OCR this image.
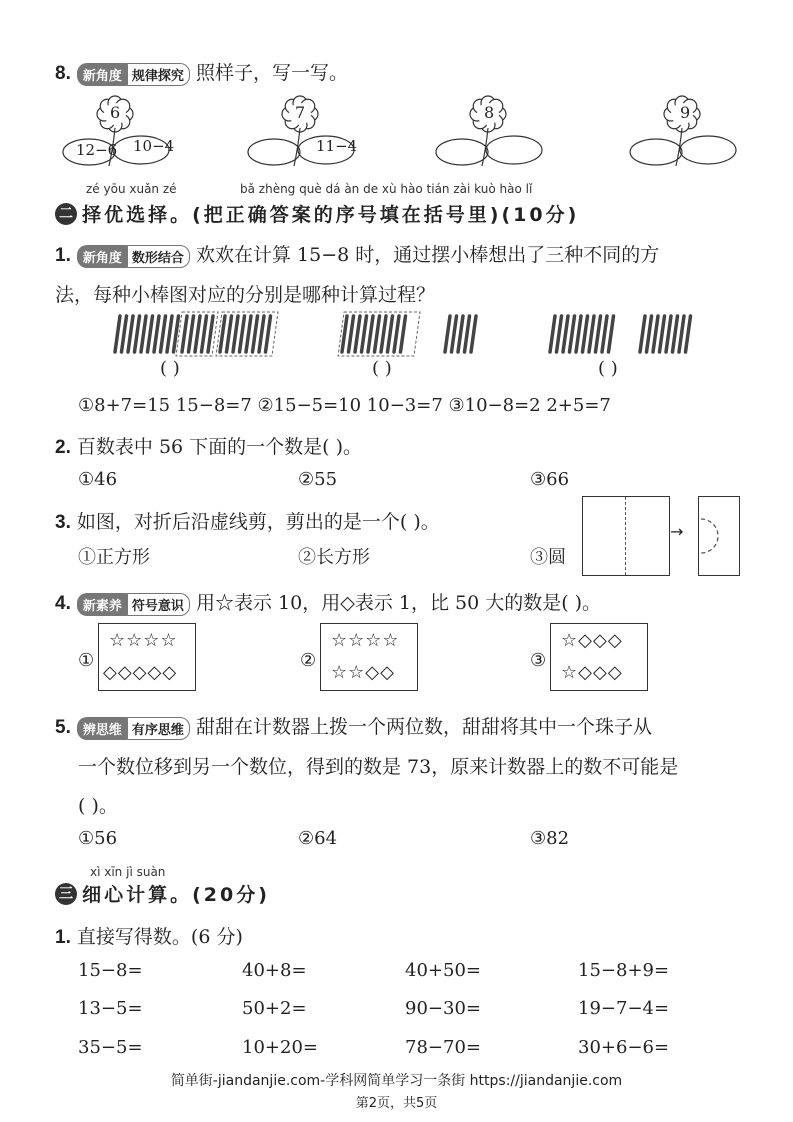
8. 新角度 规律探究 照样子，写一写。
6
12−6 10−4
7
11−4
8	9
zé yōu xuǎn zé	bǎ zhèng què dá àn de xù hào tián zài kuò hào lǐ
二 择优选择。(把正确答案的序号填在括号里)(10分)
1. 新角度 数形结合 欢欢在计算 15−8 时，通过摆小棒想出了三种不同的方
法，每种小棒图对应的分别是哪种计算过程？
( )	( )	( )
①8+7=15 15−8=7 ②15−5=10 10−3=7 ③10−8=2 2+5=7
2. 百数表中 56 下面的一个数是( )。
①46	②55	③66
3. 如图，对折后沿虚线剪，剪出的是一个( )。
①正方形	②长方形	③圆
→
4. 新素养 符号意识 用☆表示 10，用◇表示 1，比 50 大的数是( )。
①
☆☆☆☆
◇◇◇◇◇
②
☆☆☆☆
☆☆◇◇
③
☆◇◇◇
☆◇◇◇
5. 辨思维 有序思维 甜甜在计数器上拨一个两位数，甜甜将其中一个珠子从
一个数位移到另一个数位，得到的数是 73，原来计数器上的数不可能是
( )。
①56	②64	③82
xì xīn jì suàn
三 细心计算。(20分)
1. 直接写得数。(6 分)
15−8=	40+8=	40+50=	15−8+9=
13−5=	50+2=	90−30=	19−7−4=
35−5=	10+20=	78−70=	30+6−6=
简单街-jiandanjie.com-学科网简单学习一条街 https://jiandanjie.com
第2页，共5页
